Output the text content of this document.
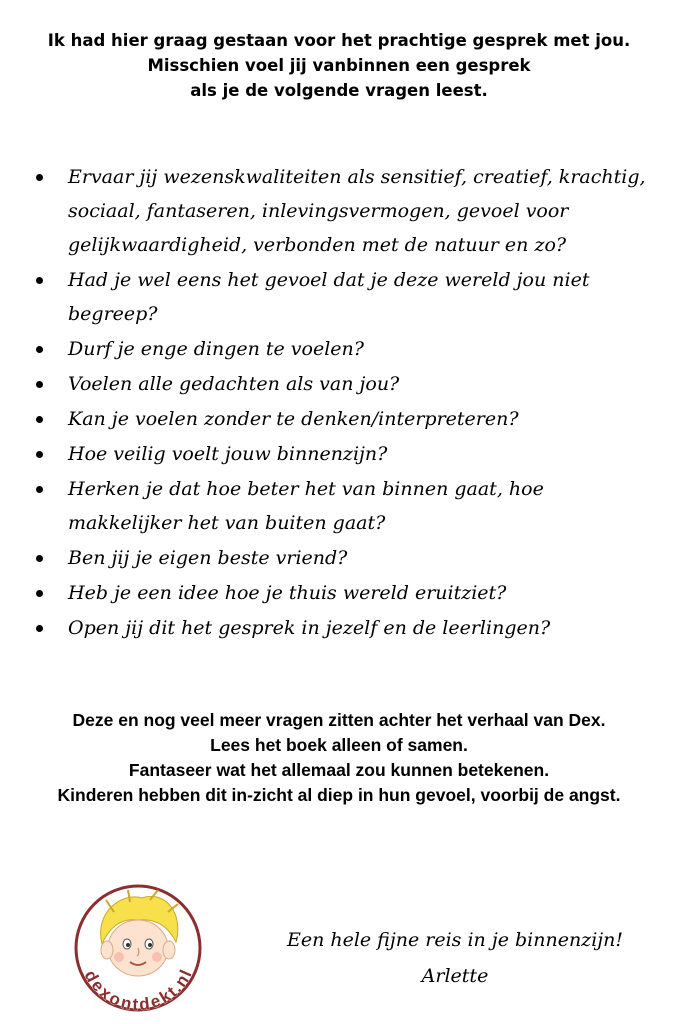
Ik had hier graag gestaan voor het prachtige gesprek met jou.
Misschien voel jij vanbinnen een gesprek
als je de volgende vragen leest.
Ervaar jij wezenskwaliteiten als sensitief, creatief, krachtig, sociaal, fantaseren, inlevingsvermogen, gevoel voor gelijkwaardigheid, verbonden met de natuur en zo?
Had je wel eens het gevoel dat je deze wereld jou niet begreep?
Durf je enge dingen te voelen?
Voelen alle gedachten als van jou?
Kan je voelen zonder te denken/interpreteren?
Hoe veilig voelt jouw binnenzijn?
Herken je dat hoe beter het van binnen gaat, hoe makkelijker het van buiten gaat?
Ben jij je eigen beste vriend?
Heb je een idee hoe je thuis wereld eruitziet?
Open jij dit het gesprek in jezelf en de leerlingen?
Deze en nog veel meer vragen zitten achter het verhaal van Dex.
Lees het boek alleen of samen.
Fantaseer wat het allemaal zou kunnen betekenen.
Kinderen hebben dit in-zicht al diep in hun gevoel, voorbij de angst.
dexontdekt.nl
Een hele fijne reis in je binnenzijn!
Arlette
